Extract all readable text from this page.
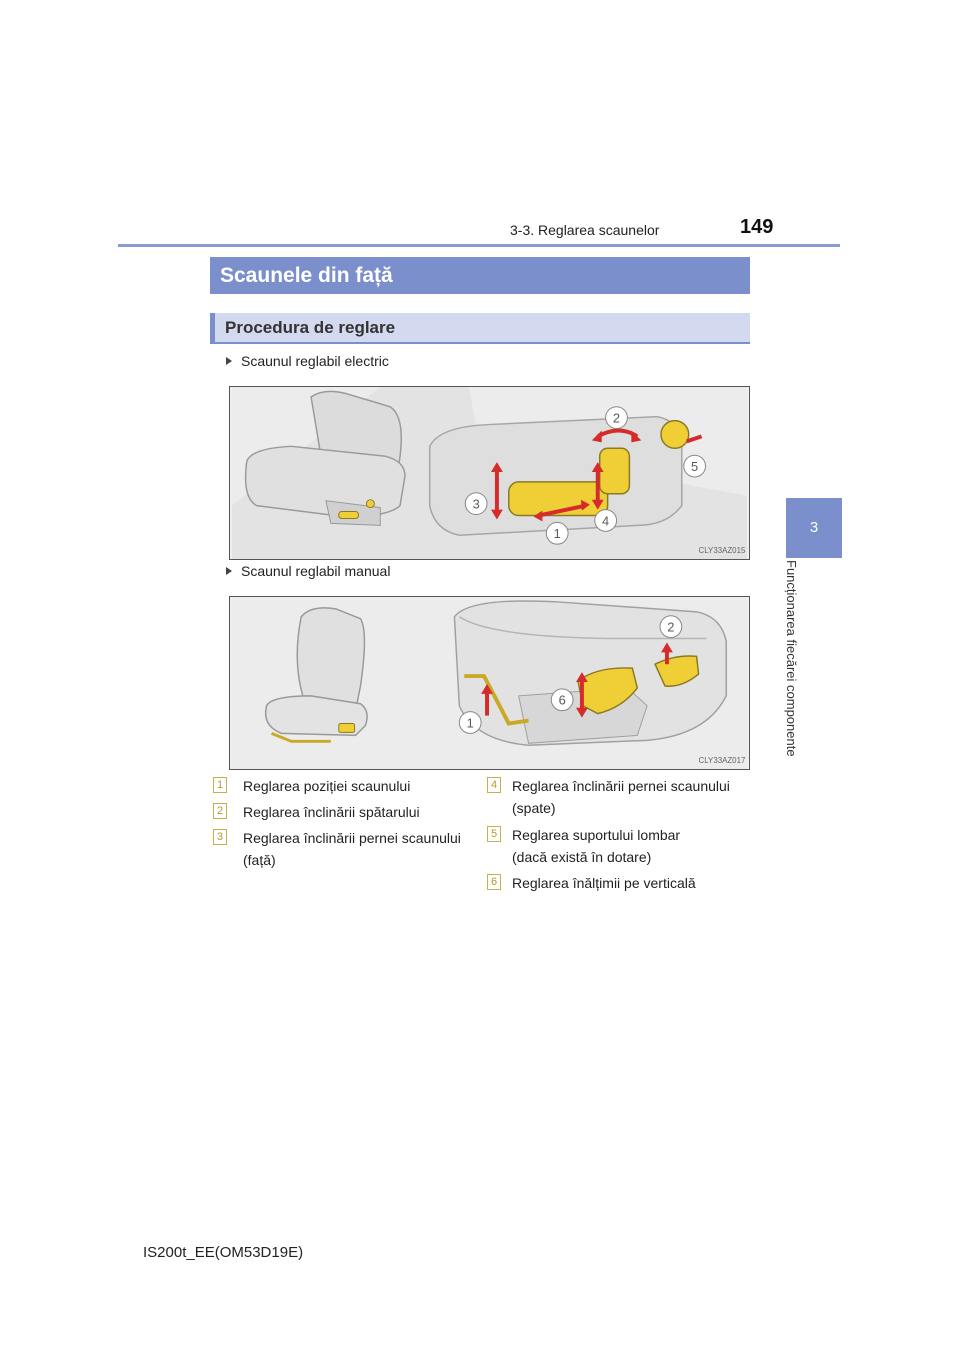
3-3. Reglarea scaunelor	149
3
Funcționarea fiecărei componente
Scaunele din față
Procedura de reglare
Scaunul reglabil electric
2
5
3
4
1
CLY33AZ015
Scaunul reglabil manual
2
6
1
CLY33AZ017
1 Reglarea poziției scaunului
2 Reglarea înclinării spătarului
3 Reglarea înclinării pernei scaunului
(față)
4 Reglarea înclinării pernei scaunului
(spate)
5 Reglarea suportului lombar
(dacă există în dotare)
6 Reglarea înălțimii pe verticală
IS200t_EE(OM53D19E)
